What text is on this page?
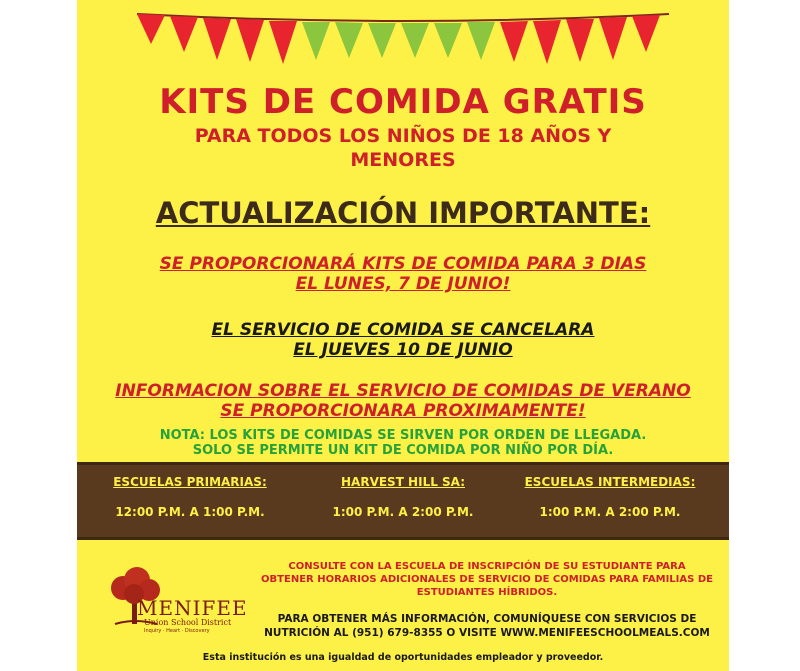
KITS DE COMIDA GRATIS
PARA TODOS LOS NIÑOS DE 18 AÑOS Y
MENORES
ACTUALIZACIÓN IMPORTANTE:
SE PROPORCIONARÁ KITS DE COMIDA PARA 3 DIAS
EL LUNES, 7 DE JUNIO!
EL SERVICIO DE COMIDA SE CANCELARA
EL JUEVES 10 DE JUNIO
INFORMACION SOBRE EL SERVICIO DE COMIDAS DE VERANO
SE PROPORCIONARA PROXIMAMENTE!
NOTA: LOS KITS DE COMIDAS SE SIRVEN POR ORDEN DE LLEGADA.
SOLO SE PERMITE UN KIT DE COMIDA POR NIÑO POR DÍA.
ESCUELAS PRIMARIAS:
12:00 P.M. A 1:00 P.M.
HARVEST HILL SA:
1:00 P.M. A 2:00 P.M.
ESCUELAS INTERMEDIAS:
1:00 P.M. A 2:00 P.M.
MENIFEE
Union School District
Inquiry · Heart · Discovery
CONSULTE CON LA ESCUELA DE INSCRIPCIÓN DE SU ESTUDIANTE PARA
OBTENER HORARIOS ADICIONALES DE SERVICIO DE COMIDAS PARA FAMILIAS DE
ESTUDIANTES HÍBRIDOS.
PARA OBTENER MÁS INFORMACIÓN, COMUNÍQUESE CON SERVICIOS DE
NUTRICIÓN AL (951) 679-8355 O VISITE WWW.MENIFEESCHOOLMEALS.COM
Esta institución es una igualdad de oportunidades empleador y proveedor.
